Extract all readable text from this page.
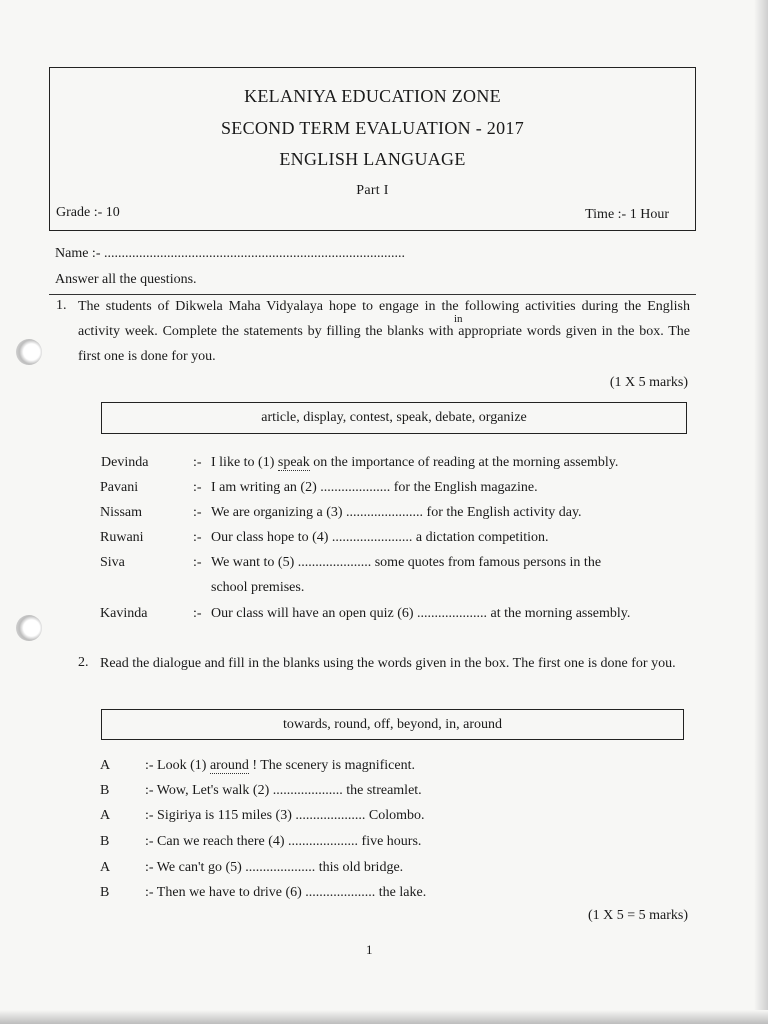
KELANIYA EDUCATION ZONE
SECOND TERM EVALUATION - 2017
ENGLISH LANGUAGE
Part I
Grade :- 10	Time :- 1 Hour
Name :- ......................................................................................
Answer all the questions.
1. The students of Dikwela Maha Vidyalaya hope to engage in the following activities during the English activity week. Complete the statements by filling the blanks with appropriate words given in the box. The first one is done for you.
in
(1 X 5 marks)
article, display, contest, speak, debate, organize
Devinda	:- I like to (1) speak on the importance of reading at the morning assembly.
Pavani	:- I am writing an (2) .................... for the English magazine.
Nissam	:- We are organizing a (3) ...................... for the English activity day.
Ruwani	:- Our class hope to (4) ....................... a dictation competition.
Siva	:- We want to (5) ..................... some quotes from famous persons in the
school premises.
Kavinda	:- Our class will have an open quiz (6) .................... at the morning assembly.
2. Read the dialogue and fill in the blanks using the words given in the box. The first one is done for you.
towards, round, off, beyond, in, around
A :- Look (1) around ! The scenery is magnificent.
B	:- Wow, Let's walk (2) .................... the streamlet.
A :- Sigiriya is 115 miles (3) .................... Colombo.
B	:- Can we reach there (4) .................... five hours.
A :- We can't go (5) .................... this old bridge.
B	:- Then we have to drive (6) .................... the lake.
(1 X 5 = 5 marks)
1
